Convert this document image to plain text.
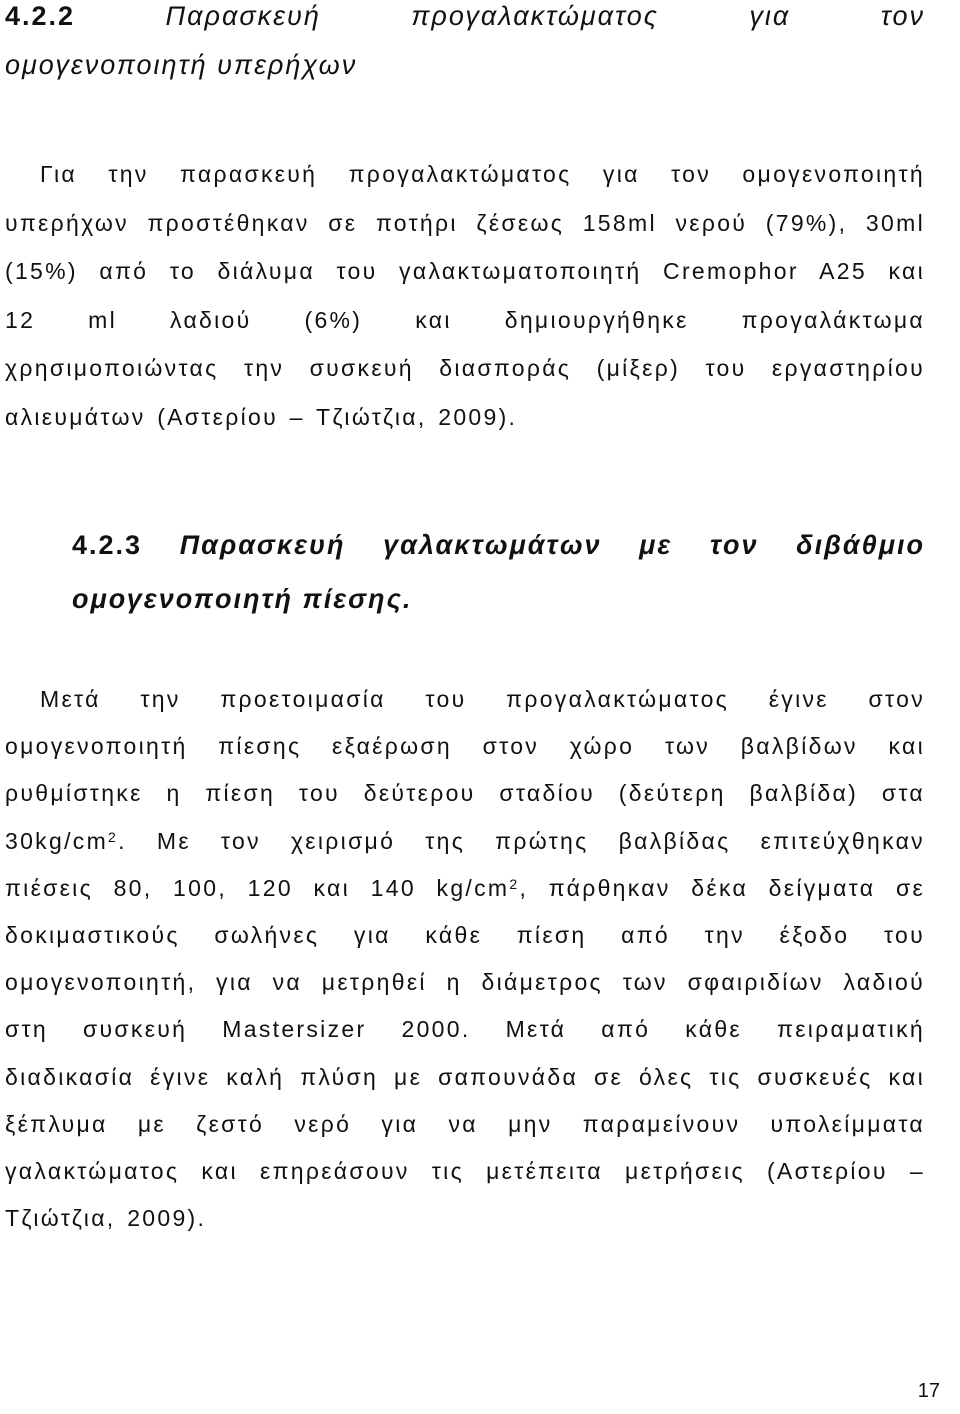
4.2.2	Παρασκευή προγαλακτώματος για τον
ομογενοποιητή υπερήχων
Για την παρασκευή προγαλακτώματος για τον ομογενοποιητή
υπερήχων προστέθηκαν σε ποτήρι ζέσεως 158ml νερού (79%), 30ml
(15%) από το διάλυμα του γαλακτωματοποιητή Cremophor A25 και
12 ml λαδιού (6%) και δημιουργήθηκε προγαλάκτωμα
χρησιμοποιώντας την συσκευή διασποράς (μίξερ) του εργαστηρίου
αλιευμάτων (Αστερίου – Τζιώτζια, 2009).
4.2.3 Παρασκευή γαλακτωμάτων με τον διβάθμιο
ομογενοποιητή πίεσης.
Μετά την προετοιμασία του προγαλακτώματος έγινε στον
ομογενοποιητή πίεσης εξαέρωση στον χώρο των βαλβίδων και
ρυθμίστηκε η πίεση του δεύτερου σταδίου (δεύτερη βαλβίδα) στα
$30kg/cm^2$. Με τον χειρισμό της πρώτης βαλβίδας επιτεύχθηκαν
πιέσεις 80, 100, 120 και 140 $kg/cm^2$, πάρθηκαν δέκα δείγματα σε
δοκιμαστικούς σωλήνες για κάθε πίεση από την έξοδο του
ομογενοποιητή, για να μετρηθεί η διάμετρος των σφαιριδίων λαδιού
στη συσκευή Mastersizer 2000. Μετά από κάθε πειραματική
διαδικασία έγινε καλή πλύση με σαπουνάδα σε όλες τις συσκευές και
ξέπλυμα με ζεστό νερό για να μην παραμείνουν υπολείμματα
γαλακτώματος και επηρεάσουν τις μετέπειτα μετρήσεις (Αστερίου –
Τζιώτζια, 2009).
17
